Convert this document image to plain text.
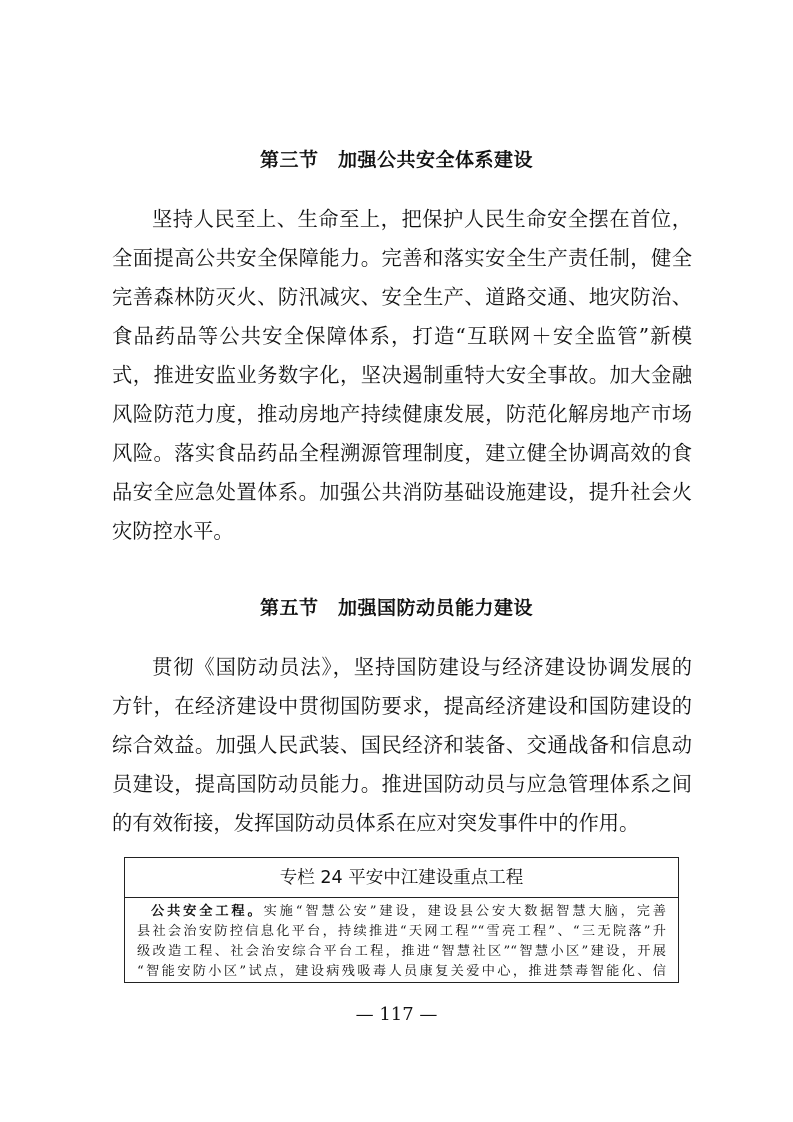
第三节　加强公共安全体系建设
坚持人民至上、生命至上，把保护人民生命安全摆在首位，
全面提高公共安全保障能力。完善和落实安全生产责任制，健全
完善森林防灭火、防汛减灾、安全生产、道路交通、地灾防治、
食品药品等公共安全保障体系，打造“互联网＋安全监管”新模
式，推进安监业务数字化，坚决遏制重特大安全事故。加大金融
风险防范力度，推动房地产持续健康发展，防范化解房地产市场
风险。落实食品药品全程溯源管理制度，建立健全协调高效的食
品安全应急处置体系。加强公共消防基础设施建设，提升社会火
灾防控水平。
第五节　加强国防动员能力建设
贯彻《国防动员法》，坚持国防建设与经济建设协调发展的
方针，在经济建设中贯彻国防要求，提高经济建设和国防建设的
综合效益。加强人民武装、国民经济和装备、交通战备和信息动
员建设，提高国防动员能力。推进国防动员与应急管理体系之间
的有效衔接，发挥国防动员体系在应对突发事件中的作用。
专栏 24 平安中江建设重点工程
公共安全工程。实施“智慧公安”建设，建设县公安大数据智慧大脑，完善
县社会治安防控信息化平台，持续推进“天网工程”“雪亮工程”、“三无院落”升
级改造工程、社会治安综合平台工程，推进“智慧社区”“智慧小区”建设，开展
“智能安防小区”试点，建设病残吸毒人员康复关爱中心，推进禁毒智能化、信
— 117 —
